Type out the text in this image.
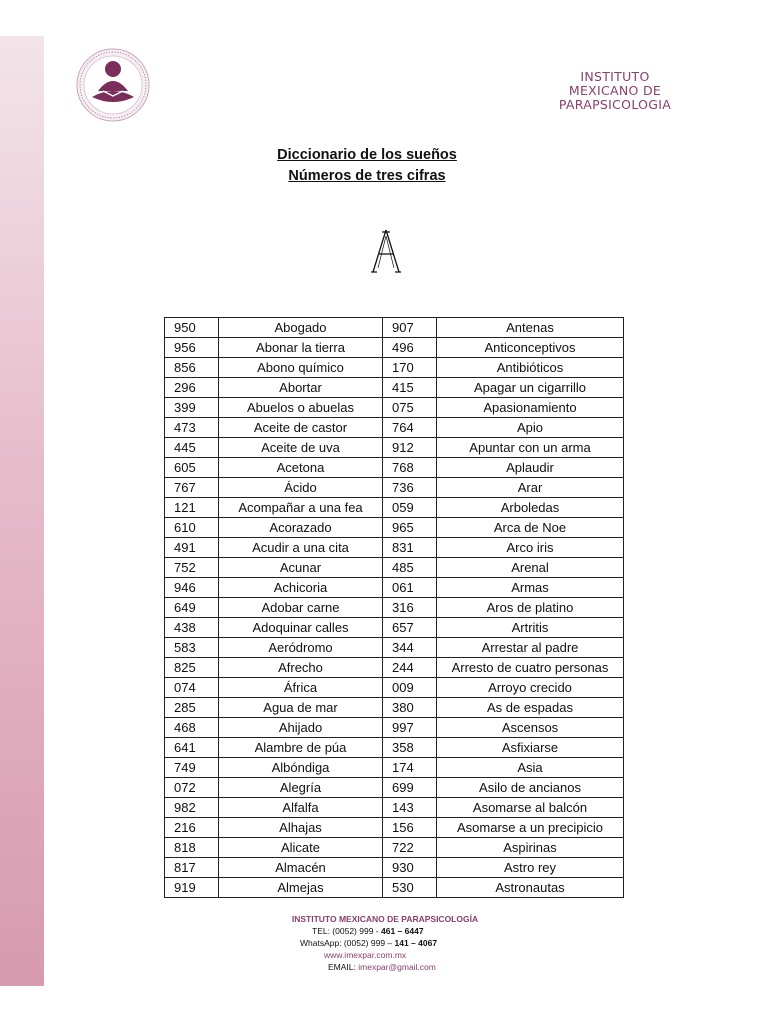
INSTITUTO
MEXICANO DE
PARAPSICOLOGIA
Diccionario de los sueños
Números de tres cifras
950	Abogado	907	Antenas
956	Abonar la tierra	496	Anticonceptivos
856	Abono químico	170	Antibióticos
296	Abortar	415	Apagar un cigarrillo
399	Abuelos o abuelas	075	Apasionamiento
473	Aceite de castor	764	Apio
445	Aceite de uva	912	Apuntar con un arma
605	Acetona	768	Aplaudir
767	Ácido	736	Arar
121	Acompañar a una fea	059	Arboledas
610	Acorazado	965	Arca de Noe
491	Acudir a una cita	831	Arco iris
752	Acunar	485	Arenal
946	Achicoria	061	Armas
649	Adobar carne	316	Aros de platino
438	Adoquinar calles	657	Artritis
583	Aeródromo	344	Arrestar al padre
825	Afrecho	244	Arresto de cuatro personas
074	África	009	Arroyo crecido
285	Agua de mar	380	As de espadas
468	Ahijado	997	Ascensos
641	Alambre de púa	358	Asfixiarse
749	Albóndiga	174	Asia
072	Alegría	699	Asilo de ancianos
982	Alfalfa	143	Asomarse al balcón
216	Alhajas	156	Asomarse a un precipicio
818	Alicate	722	Aspirinas
817	Almacén	930	Astro rey
919	Almejas	530	Astronautas
INSTITUTO MEXICANO DE PARAPSICOLOGÍA
TEL: (0052) 999 - 461 – 6447
WhatsApp: (0052) 999 – 141 – 4067
www.imexpar.com.mx
EMAIL: imexpar@gmail.com
